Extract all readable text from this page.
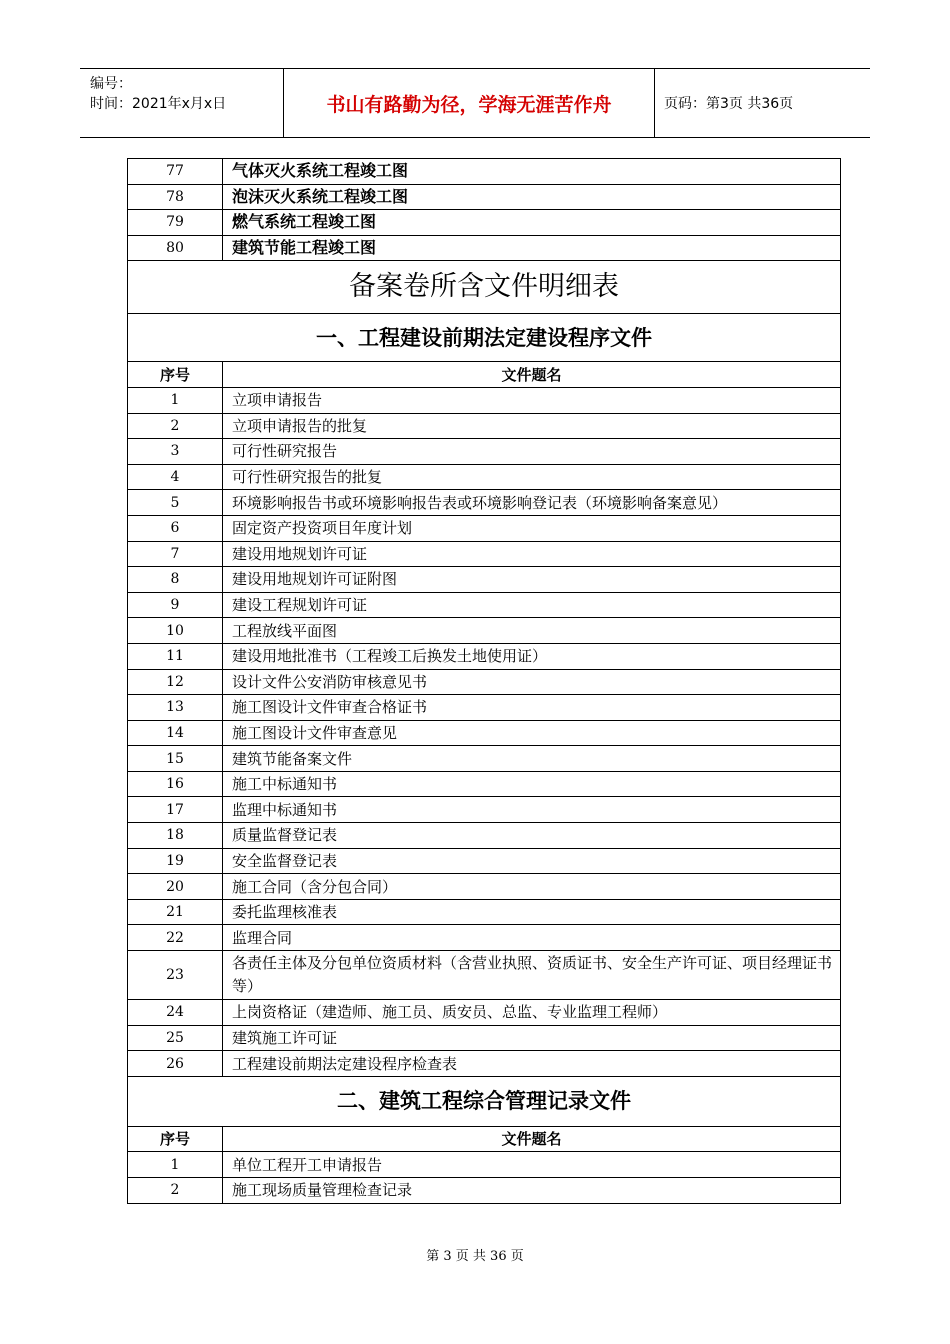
编号：
时间：2021年x月x日	书山有路勤为径，学海无涯苦作舟	页码：第3页 共36页
77	气体灭火系统工程竣工图
78	泡沫灭火系统工程竣工图
79	燃气系统工程竣工图
80	建筑节能工程竣工图
备案卷所含文件明细表	
一、工程建设前期法定建设程序文件	
序号	文件题名
1	立项申请报告
2	立项申请报告的批复
3	可行性研究报告
4	可行性研究报告的批复
5	环境影响报告书或环境影响报告表或环境影响登记表（环境影响备案意见）
6	固定资产投资项目年度计划
7	建设用地规划许可证
8	建设用地规划许可证附图
9	建设工程规划许可证
10	工程放线平面图
11	建设用地批准书（工程竣工后换发土地使用证）
12	设计文件公安消防审核意见书
13	施工图设计文件审查合格证书
14	施工图设计文件审查意见
15	建筑节能备案文件
16	施工中标通知书
17	监理中标通知书
18	质量监督登记表
19	安全监督登记表
20	施工合同（含分包合同）
21	委托监理核准表
22	监理合同
23	各责任主体及分包单位资质材料（含营业执照、资质证书、安全生产许可证、项目经理证书等）
24	上岗资格证（建造师、施工员、质安员、总监、专业监理工程师）
25	建筑施工许可证
26	工程建设前期法定建设程序检查表
二、建筑工程综合管理记录文件	
序号	文件题名
1	单位工程开工申请报告
2	施工现场质量管理检查记录
第 3 页 共 36 页
